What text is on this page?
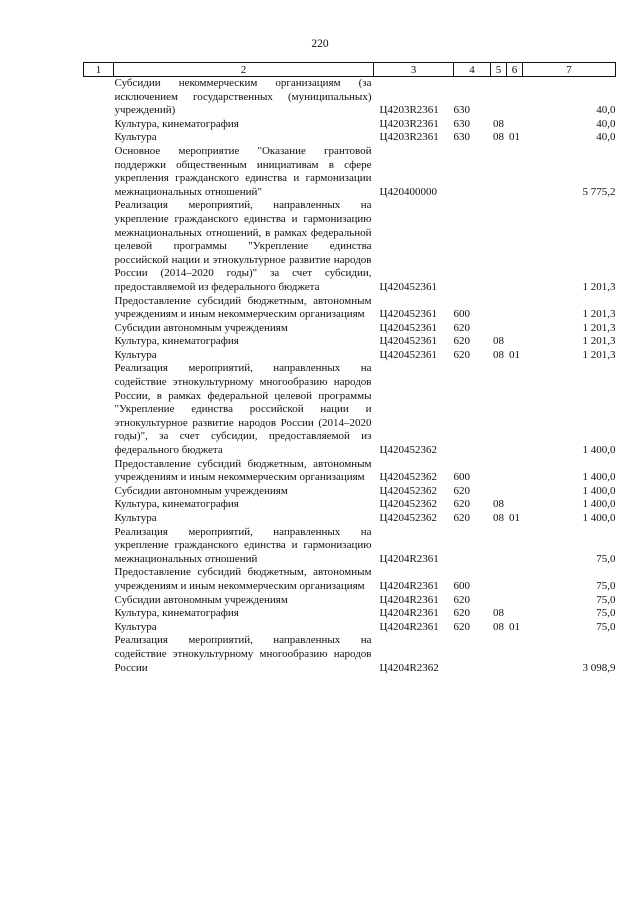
220
1	2	3	4	5	6	7
	Субсидии некоммерческим организациям (за исключением государственных (муниципальных) учреждений)	Ц4203R2361	630			40,0
	Культура, кинематография	Ц4203R2361	630	08		40,0
	Культура	Ц4203R2361	630	08	01	40,0
	Основное мероприятие "Оказание грантовой поддержки общественным инициативам в сфере укрепления гражданского единства и гармонизации межнациональных отношений"	Ц420400000				5 775,2
	Реализация мероприятий, направленных на укрепление гражданского единства и гармонизацию межнациональных отношений, в рамках федеральной целевой программы "Укрепление единства российской нации и этнокультурное развитие народов России (2014–2020 годы)" за счет субсидии, предоставляемой из федерального бюджета	Ц420452361				1 201,3
	Предоставление субсидий бюджетным, автономным учреждениям и иным некоммерческим организациям	Ц420452361	600			1 201,3
	Субсидии автономным учреждениям	Ц420452361	620			1 201,3
	Культура, кинематография	Ц420452361	620	08		1 201,3
	Культура	Ц420452361	620	08	01	1 201,3
	Реализация мероприятий, направленных на содействие этнокультурному многообразию народов России, в рамках федеральной целевой программы "Укрепление единства российской нации и этнокультурное развитие народов России (2014–2020 годы)", за счет субсидии, предоставляемой из федерального бюджета	Ц420452362				1 400,0
	Предоставление субсидий бюджетным, автономным учреждениям и иным некоммерческим организациям	Ц420452362	600			1 400,0
	Субсидии автономным учреждениям	Ц420452362	620			1 400,0
	Культура, кинематография	Ц420452362	620	08		1 400,0
	Культура	Ц420452362	620	08	01	1 400,0
	Реализация мероприятий, направленных на укрепление гражданского единства и гармонизацию межнациональных отношений	Ц4204R2361				75,0
	Предоставление субсидий бюджетным, автономным учреждениям и иным некоммерческим организациям	Ц4204R2361	600			75,0
	Субсидии автономным учреждениям	Ц4204R2361	620			75,0
	Культура, кинематография	Ц4204R2361	620	08		75,0
	Культура	Ц4204R2361	620	08	01	75,0
	Реализация мероприятий, направленных на содействие этнокультурному многообразию народов России	Ц4204R2362				3 098,9
